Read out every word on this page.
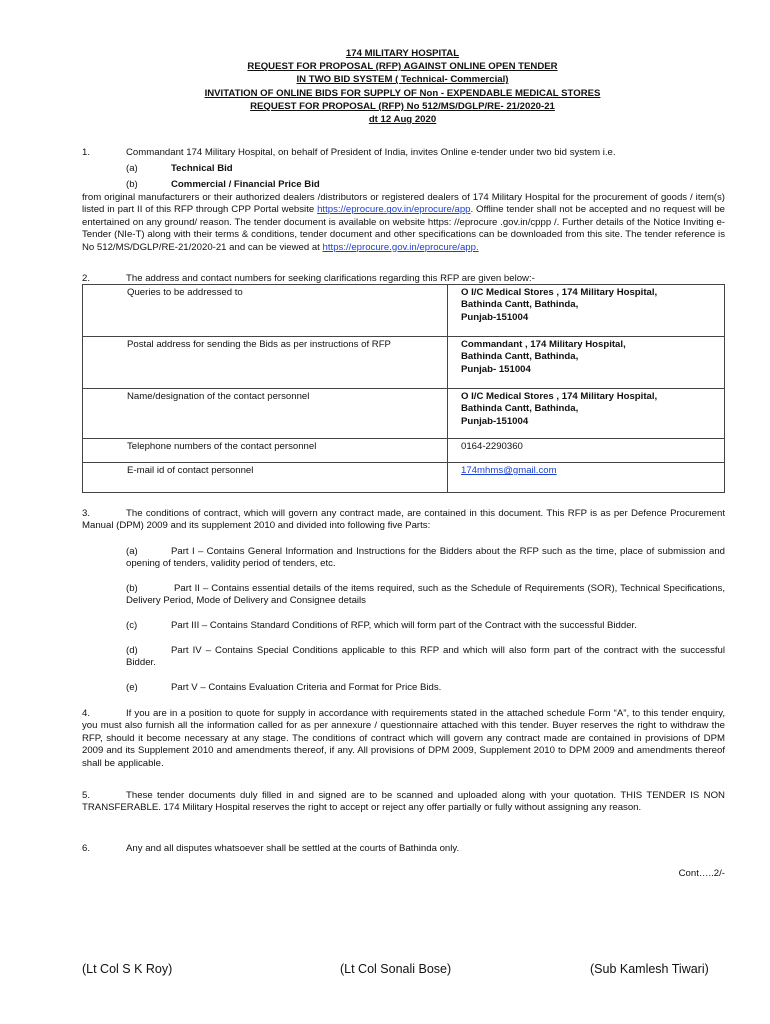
174 MILITARY HOSPITAL
REQUEST FOR PROPOSAL (RFP) AGAINST ONLINE OPEN TENDER
IN TWO BID SYSTEM ( Technical- Commercial)
INVITATION OF ONLINE BIDS FOR SUPPLY OF Non - EXPENDABLE MEDICAL STORES
REQUEST FOR PROPOSAL (RFP) No 512/MS/DGLP/RE- 21/2020-21
dt 12 Aug 2020
1.	Commandant 174 Military Hospital, on behalf of President of India, invites Online e-tender under two bid system i.e.
(a)	Technical Bid
(b)	Commercial / Financial Price Bid
from original manufacturers or their authorized dealers /distributors or registered dealers of 174 Military Hospital for the procurement of goods / item(s) listed in part II of this RFP through CPP Portal website https://eprocure.gov.in/eprocure/app. Offline tender shall not be accepted and no request will be entertained on any ground/ reason. The tender document is available on website https: //eprocure .gov.in/cppp /. Further details of the Notice Inviting e-Tender (NIe-T) along with their terms & conditions, tender document and other specifications can be downloaded from this site. The tender reference is No 512/MS/DGLP/RE-21/2020-21 and can be viewed at https://eprocure.gov.in/eprocure/app.
2.	The address and contact numbers for seeking clarifications regarding this RFP are given below:-
Queries to be addressed to	O I/C Medical Stores , 174 Military Hospital,
Bathinda Cantt, Bathinda,
Punjab-151004

Postal address for sending the Bids as per instructions of RFP	Commandant , 174 Military Hospital,
Bathinda Cantt, Bathinda,
Punjab- 151004

Name/designation of the contact personnel	O I/C Medical Stores , 174 Military Hospital,
Bathinda Cantt, Bathinda,
Punjab-151004

Telephone numbers of the contact personnel	0164-2290360
E-mail id of contact personnel	174mhms@gmail.com
3.	The conditions of contract, which will govern any contract made, are contained in this document. This RFP is as per Defence Procurement Manual (DPM) 2009 and its supplement 2010 and divided into following five Parts:
(a)	Part I – Contains General Information and Instructions for the Bidders about the RFP such as the time, place of submission and opening of tenders, validity period of tenders, etc.
(b)	Part II – Contains essential details of the items required, such as the Schedule of Requirements (SOR), Technical Specifications, Delivery Period, Mode of Delivery and Consignee details
(c)	Part III – Contains Standard Conditions of RFP, which will form part of the Contract with the successful Bidder.
(d)	Part IV – Contains Special Conditions applicable to this RFP and which will also form part of the contract with the successful Bidder.
(e)	Part V – Contains Evaluation Criteria and Format for Price Bids.
4.	If you are in a position to quote for supply in accordance with requirements stated in the attached schedule Form “A”, to this tender enquiry, you must also furnish all the information called for as per annexure / questionnaire attached with this tender. Buyer reserves the right to withdraw the RFP, should it become necessary at any stage. The conditions of contract which will govern any contract made are contained in provisions of DPM 2009 and its Supplement 2010 and amendments thereof, if any. All provisions of DPM 2009, Supplement 2010 to DPM 2009 and amendments thereof shall be applicable.
5.	These tender documents duly filled in and signed are to be scanned and uploaded along with your quotation. THIS TENDER IS NON TRANSFERABLE. 174 Military Hospital reserves the right to accept or reject any offer partially or fully without assigning any reason.
6.	Any and all disputes whatsoever shall be settled at the courts of Bathinda only.
Cont…..2/-
(Lt Col S K Roy)	(Lt Col Sonali Bose)	(Sub Kamlesh Tiwari)
